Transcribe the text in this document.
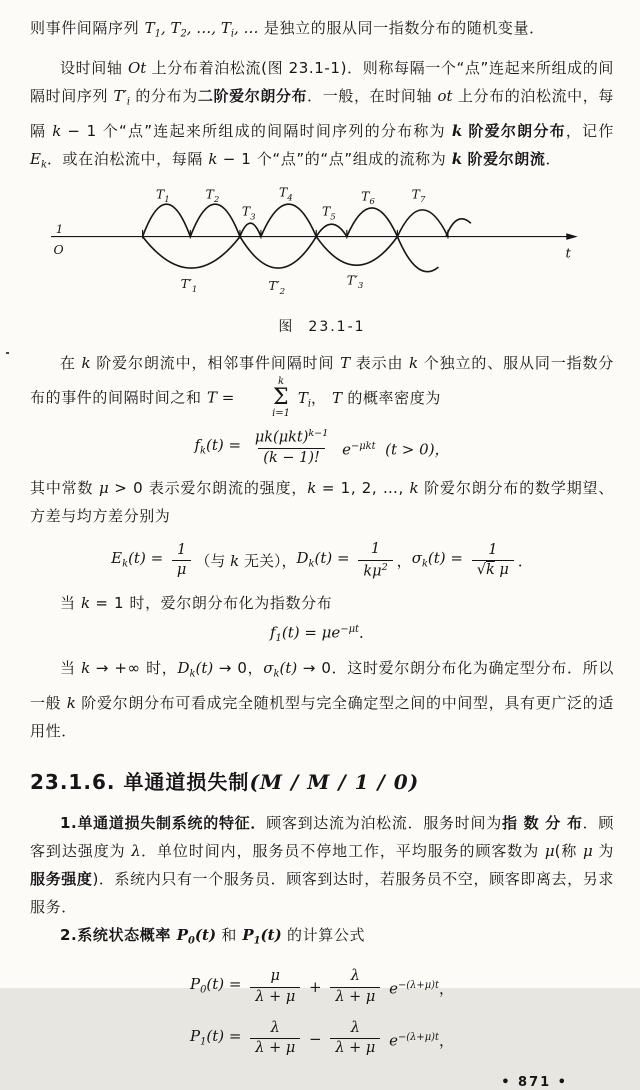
则事件间隔序列 $T_1$, $T_2$, …, $T_i$, … 是独立的服从同一指数分布的随机变量．

设时间轴 Ot 上分布着泊松流(图 23.1-1)．则称每隔一个“点”连起来所组成的间隔时间序列 $T'_i$ 的分布为二阶爱尔朗分布．一般，在时间轴 ot 上分布的泊松流中，每隔 k − 1 个“点”连起来所组成的间隔时间序列的分布称为 k 阶爱尔朗分布，记作 $E_k$．或在泊松流中，每隔 k − 1 个“点”的“点”组成的流称为 k 阶爱尔朗流．

1
O	t
$T_1$	$T_2$
$T_3$
$T_4$
$T_5$
$T_6$
$T_7$
$T'_1$	$T'_2$
$T'_3$
图 23.1-1

在 k 阶爱尔朗流中，相邻事件间隔时间 T 表示由 k 个独立的、服从同一指数分布的事件的间隔时间之和 T =
k
Σ
i=1
$T_i$， T 的概率密度为

$f_k(t) = \frac{\mu k(\mu kt)^{k-1}}{(k - 1)!} e^{-\mu kt}$  (t > 0)，

其中常数 μ > 0 表示爱尔朗流的强度，k = 1, 2, …, k 阶爱尔朗分布的数学期望、方差与均方差分别为

$E_k(t) = \frac{1}{\mu}$ （与 k 无关）， $D_k(t) = \frac{1}{k\mu^2}$ ， $\sigma_k(t) = \frac{1}{\text{√k μ}}$ ．

当 k = 1 时，爱尔朗分布化为指数分布

$f_1(t) = \mu e^{-\mu t}$．

当 k → +∞ 时，$D_k(t) \to 0$，$\sigma_k(t) \to 0$．这时爱尔朗分布化为确定型分布．所以一般 k 阶爱尔朗分布可看成完全随机型与完全确定型之间的中间型，具有更广泛的适用性．

23.1.6. 单通道损失制(M / M / 1 / 0)

1.单通道损失制系统的特征．顾客到达流为泊松流．服务时间为指 数 分 布．顾客到达强度为 λ．单位时间内，服务员不停地工作，平均服务的顾客数为 μ(称 μ 为服务强度)．系统内只有一个服务员．顾客到达时，若服务员不空，顾客即离去，另求服务．

2.系统状态概率 $P_0(t)$ 和 $P_1(t)$ 的计算公式

$P_0(t) = \frac{\mu}{\lambda + \mu} + \frac{\lambda}{\lambda + \mu} e^{-(\lambda+\mu)t}$，
$P_1(t) = \frac{\lambda}{\lambda + \mu} - \frac{\lambda}{\lambda + \mu} e^{-(\lambda+\mu)t}$，
• 871 •
